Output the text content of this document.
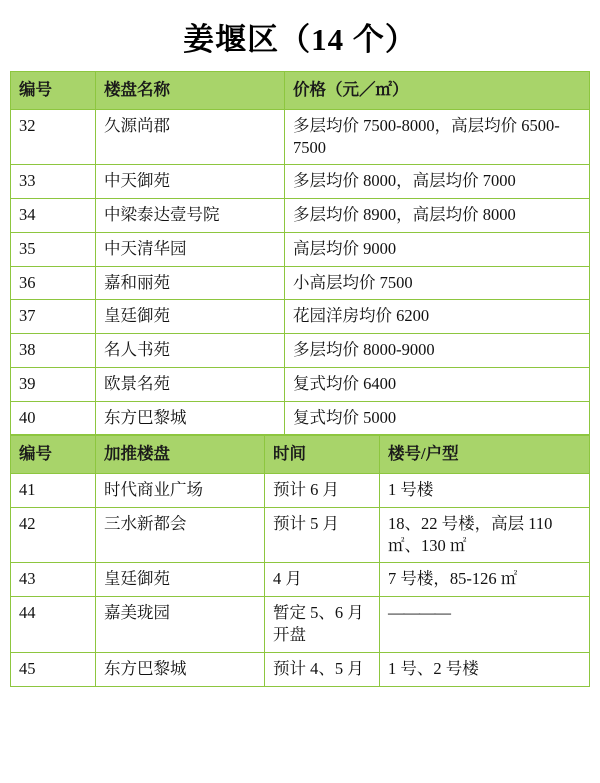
姜堰区（14 个）
编号	楼盘名称	价格（元／㎡）
32	久源尚郡	多层均价 7500-8000，高层均价 6500-7500
33	中天御苑	多层均价 8000，高层均价 7000
34	中梁泰达壹号院	多层均价 8900，高层均价 8000
35	中天清华园	高层均价 9000
36	嘉和丽苑	小高层均价 7500
37	皇廷御苑	花园洋房均价 6200
38	名人书苑	多层均价 8000-9000
39	欧景名苑	复式均价 6400
40	东方巴黎城	复式均价 5000
编号	加推楼盘	时间	楼号/户型
41	时代商业广场	预计 6 月	1 号楼
42	三水新都会	预计 5 月	18、22 号楼，高层 110 ㎡、130 ㎡
43	皇廷御苑	4 月	7 号楼，85-126 ㎡
44	嘉美珑园	暂定 5、6 月开盘	————
45	东方巴黎城	预计 4、5 月	1 号、2 号楼
